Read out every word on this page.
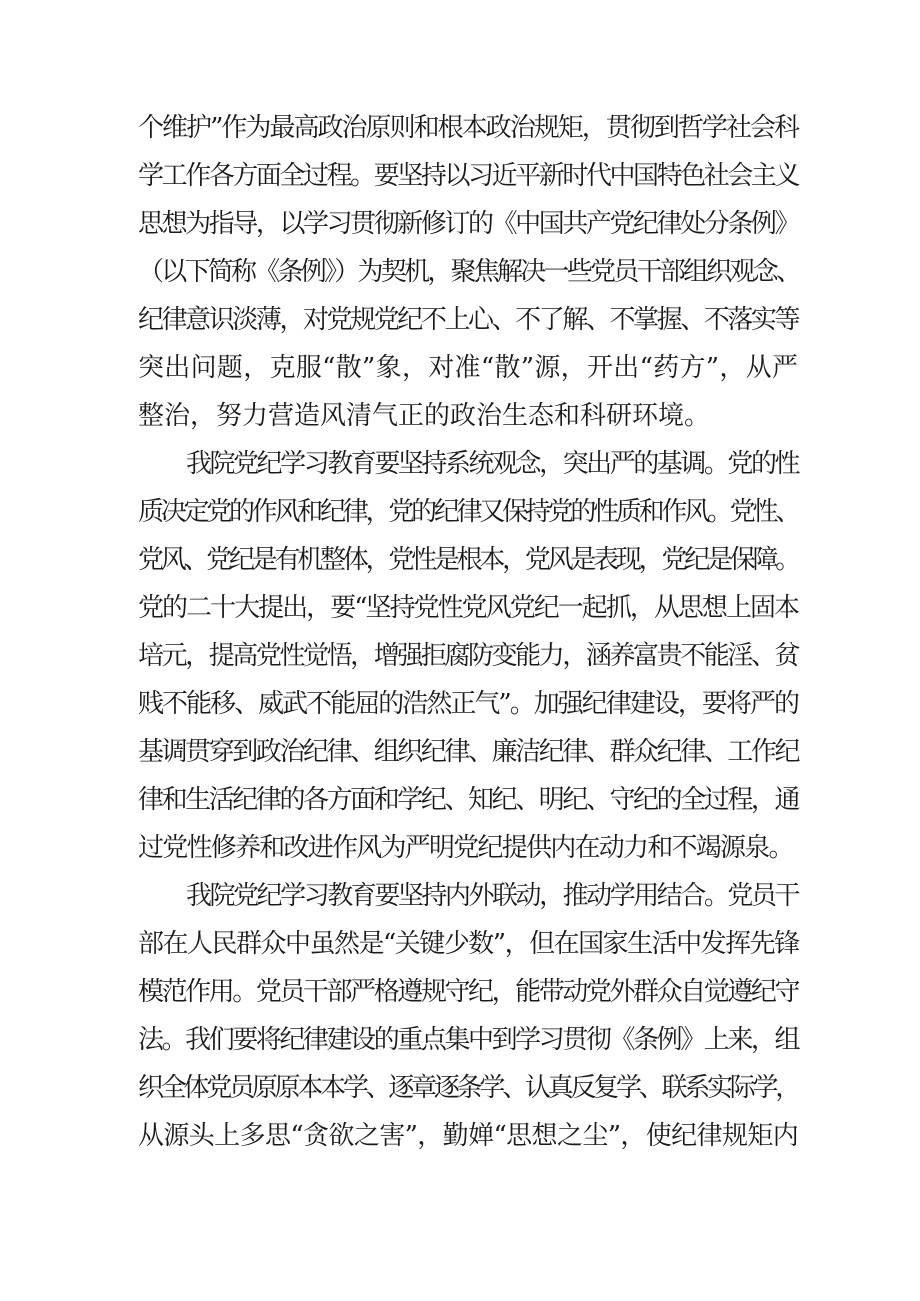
个维护”作为最高政治原则和根本政治规矩，贯彻到哲学社会科
学工作各方面全过程。要坚持以习近平新时代中国特色社会主义
思想为指导，以学习贯彻新修订的《中国共产党纪律处分条例》
（以下简称《条例》）为契机，聚焦解决一些党员干部组织观念、
纪律意识淡薄，对党规党纪不上心、不了解、不掌握、不落实等
突出问题，克服“散”象，对准“散”源，开出“药方”，从严
整治，努力营造风清气正的政治生态和科研环境。
我院党纪学习教育要坚持系统观念，突出严的基调。党的性
质决定党的作风和纪律，党的纪律又保持党的性质和作风。党性、
党风、党纪是有机整体，党性是根本，党风是表现，党纪是保障。
党的二十大提出，要“坚持党性党风党纪一起抓，从思想上固本
培元，提高党性觉悟，增强拒腐防变能力，涵养富贵不能淫、贫
贱不能移、威武不能屈的浩然正气”。加强纪律建设，要将严的
基调贯穿到政治纪律、组织纪律、廉洁纪律、群众纪律、工作纪
律和生活纪律的各方面和学纪、知纪、明纪、守纪的全过程，通
过党性修养和改进作风为严明党纪提供内在动力和不竭源泉。
我院党纪学习教育要坚持内外联动，推动学用结合。党员干
部在人民群众中虽然是“关键少数”，但在国家生活中发挥先锋
模范作用。党员干部严格遵规守纪，能带动党外群众自觉遵纪守
法。我们要将纪律建设的重点集中到学习贯彻《条例》上来，组
织全体党员原原本本学、逐章逐条学、认真反复学、联系实际学，
从源头上多思“贪欲之害”，勤婵“思想之尘”，使纪律规矩内
